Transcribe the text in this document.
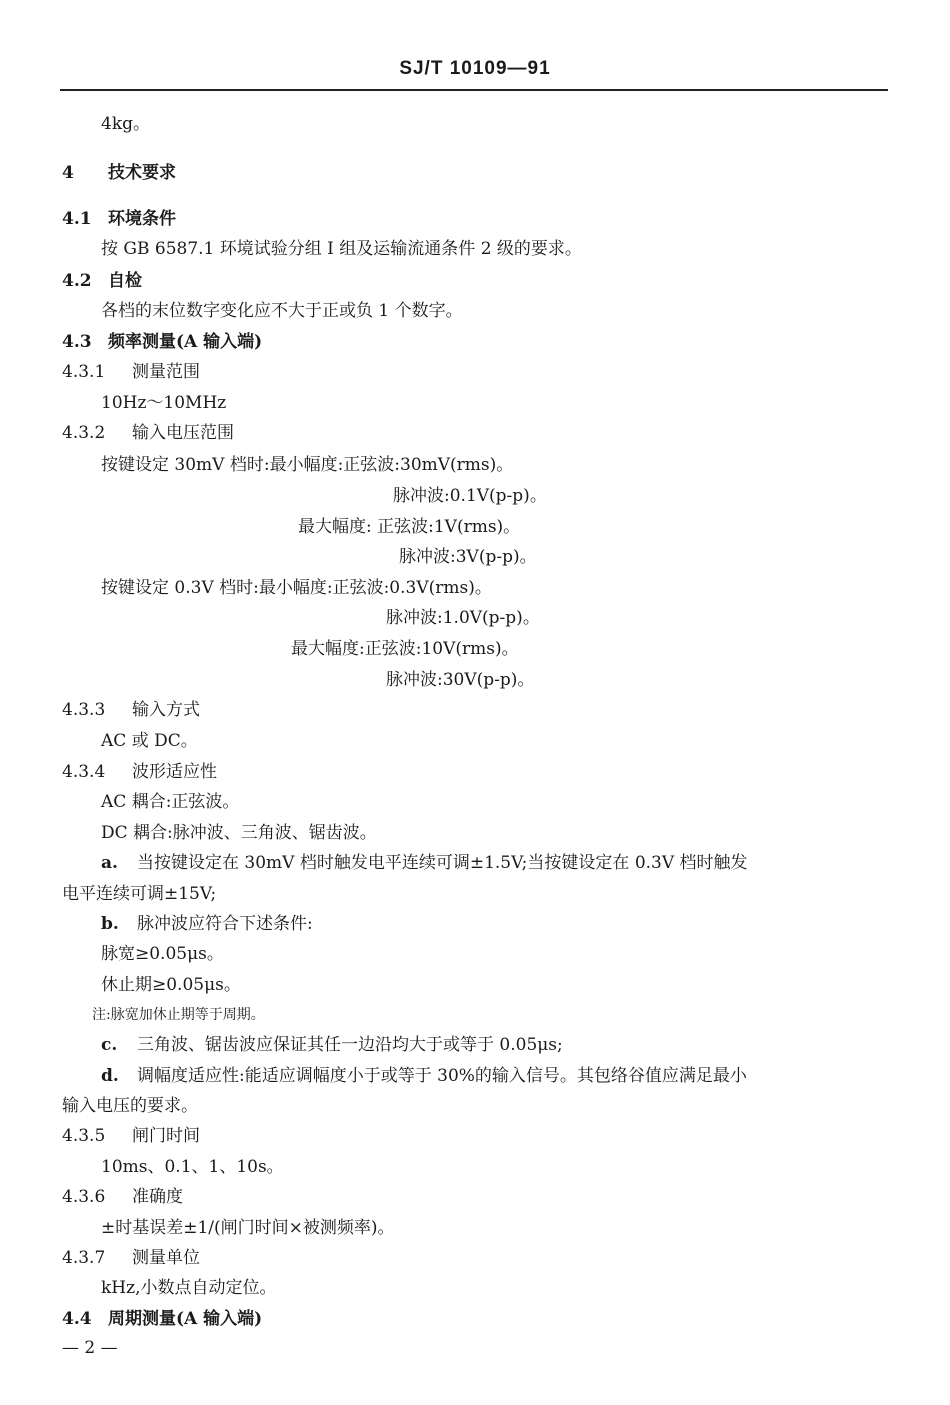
SJ/T 10109—91
4kg。
4 技术要求
4.1 环境条件
按 GB 6587.1 环境试验分组 Ⅰ 组及运输流通条件 2 级的要求。
4.2 自检
各档的末位数字变化应不大于正或负 1 个数字。
4.3 频率测量(A 输入端)
4.3.1 测量范围
10Hz～10MHz
4.3.2 输入电压范围
按键设定 30mV 档时:最小幅度:正弦波:30mV(rms)。
脉冲波:0.1V(p-p)。
最大幅度: 正弦波:1V(rms)。
脉冲波:3V(p-p)。
按键设定 0.3V 档时:最小幅度:正弦波:0.3V(rms)。
脉冲波:1.0V(p-p)。
最大幅度:正弦波:10V(rms)。
脉冲波:30V(p-p)。
4.3.3 输入方式
AC 或 DC。
4.3.4 波形适应性
AC 耦合:正弦波。
DC 耦合:脉冲波、三角波、锯齿波。
a. 当按键设定在 30mV 档时触发电平连续可调±1.5V;当按键设定在 0.3V 档时触发
电平连续可调±15V;
b. 脉冲波应符合下述条件:
脉宽≥0.05μs。
休止期≥0.05μs。
注:脉宽加休止期等于周期。
c. 三角波、锯齿波应保证其任一边沿均大于或等于 0.05μs;
d. 调幅度适应性:能适应调幅度小于或等于 30%的输入信号。其包络谷值应满足最小
输入电压的要求。
4.3.5 闸门时间
10ms、0.1、1、10s。
4.3.6 准确度
±时基误差±1/(闸门时间×被测频率)。
4.3.7 测量单位
kHz,小数点自动定位。
4.4 周期测量(A 输入端)
— 2 —
